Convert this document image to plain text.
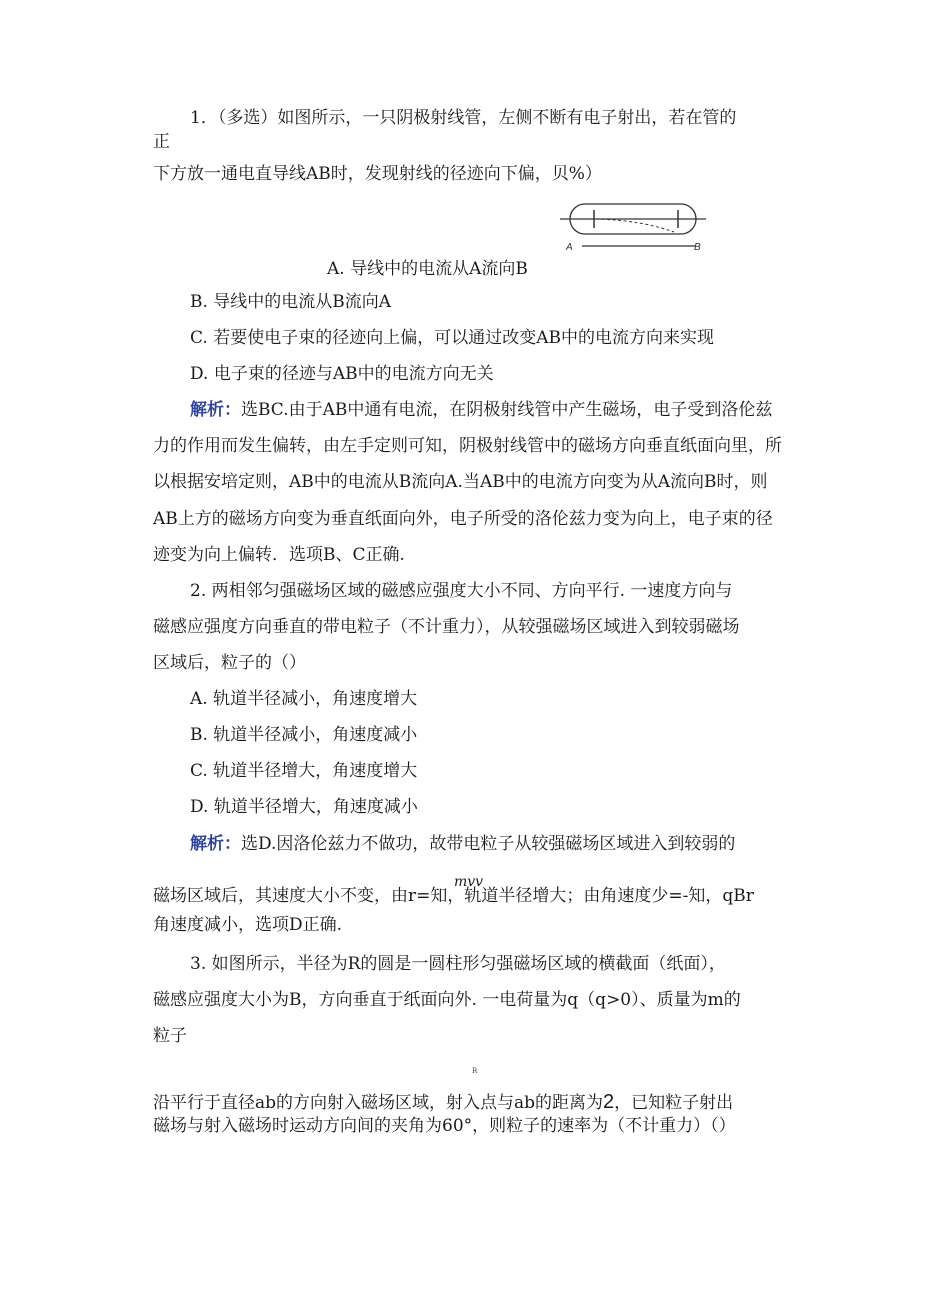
1．（多选）如图所示，一只阴极射线管，左侧不断有电子射出，若在管的
正
下方放一通电直导线AB时，发现射线的径迹向下偏，贝%）
A	B
A. 导线中的电流从A流向B
B. 导线中的电流从B流向A
C. 若要使电子束的径迹向上偏，可以通过改变AB中的电流方向来实现
D. 电子束的径迹与AB中的电流方向无关
解析：选BC.由于AB中通有电流，在阴极射线管中产生磁场，电子受到洛伦兹
力的作用而发生偏转，由左手定则可知，阴极射线管中的磁场方向垂直纸面向里，所
以根据安培定则，AB中的电流从B流向A.当AB中的电流方向变为从A流向B时，则
AB上方的磁场方向变为垂直纸面向外，电子所受的洛伦兹力变为向上，电子束的径
迹变为向上偏转．选项B、C正确.
2. 两相邻匀强磁场区域的磁感应强度大小不同、方向平行. 一速度方向与
磁感应强度方向垂直的带电粒子（不计重力），从较强磁场区域进入到较弱磁场
区域后，粒子的（）
A. 轨道半径减小，角速度增大
B. 轨道半径减小，角速度减小
C. 轨道半径增大，角速度增大
D. 轨道半径增大，角速度减小
解析：选D.因洛伦兹力不做功，故带电粒子从较强磁场区域进入到较弱的
mvv
磁场区域后，其速度大小不变，由r=知，轨道半径增大；由角速度少=-知，qBr
角速度减小，选项D正确.
3. 如图所示，半径为R的圆是一圆柱形匀强磁场区域的横截面（纸面），
磁感应强度大小为B，方向垂直于纸面向外. 一电荷量为q（q>0）、质量为m的
粒子
R
沿平行于直径ab的方向射入磁场区域，射入点与ab的距离为2，已知粒子射出
磁场与射入磁场时运动方向间的夹角为60°，则粒子的速率为（不计重力）（）
